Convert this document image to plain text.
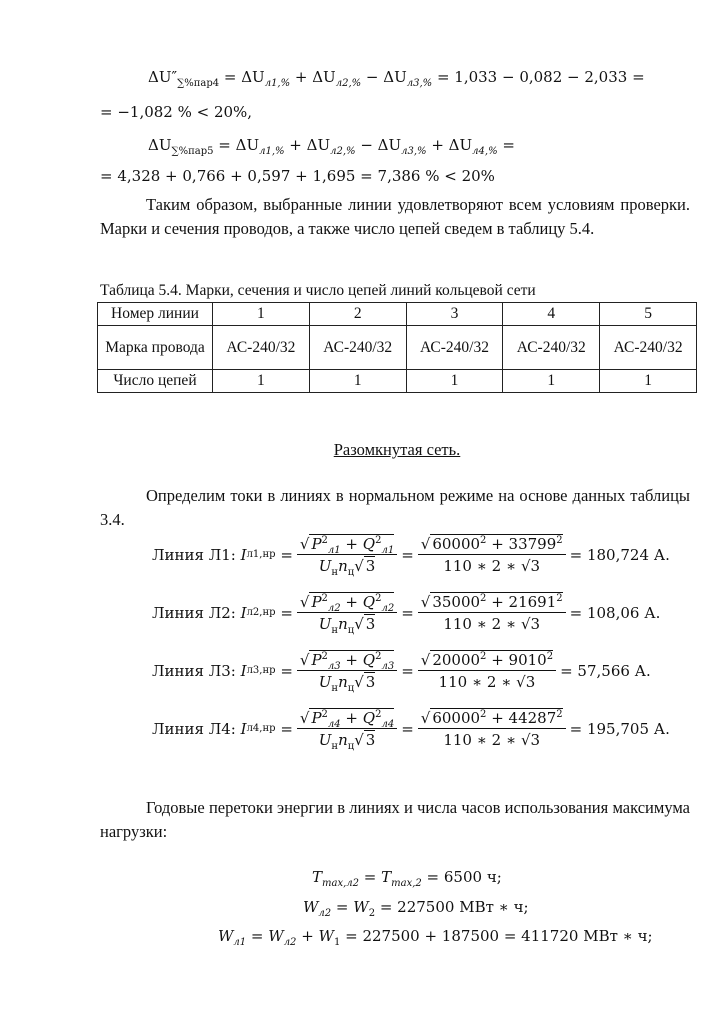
$\Delta U''_{\sum\%пар4} = \Delta U_{л1,\%} + \Delta U_{л2,\%} - \Delta U_{л3,\%} = 1,033 - 0,082 - 2,033$ =
= −1,082 % < 20%,
$\Delta U_{\sum\%пар5} = \Delta U_{л1,\%} + \Delta U_{л2,\%} - \Delta U_{л3,\%} + \Delta U_{л4,\%}$ =
= 4,328 + 0,766 + 0,597 + 1,695 = 7,386 % < 20%
Таким образом, выбранные линии удовлетворяют всем условиям проверки. Марки и сечения проводов, а также число цепей сведем в таблицу 5.4.
Таблица 5.4. Марки, сечения и число цепей линий кольцевой сети
Номер линии	1	2	3	4	5
Марка провода	АС-240/32	АС-240/32	АС-240/32	АС-240/32	АС-240/32
Число цепей	1	1	1	1	1
Разомкнутая сеть.
Определим токи в линиях в нормальном режиме на основе данных таблицы 3.4.
Линия Л1:
I $л1,нр = \frac{√ P^2_{л1} + Q^2_{л1}}{U_нn_ц√ 3} = \frac{√ 60000^2 + 33799^2}{110 ∗ 2 ∗ √3} = 180,724$ А.
Линия Л2:
I $л2,нр = \frac{√ P^2_{л2} + Q^2_{л2}}{U_нn_ц√ 3} = \frac{√ 35000^2 + 21691^2}{110 ∗ 2 ∗ √3} = 108,06$ А.
Линия Л3:
I $л3,нр = \frac{√ P^2_{л3} + Q^2_{л3}}{U_нn_ц√ 3} = \frac{√ 20000^2 + 9010^2}{110 ∗ 2 ∗ √3} = 57,566$ А.
Линия Л4:
I $л4,нр = \frac{√ P^2_{л4} + Q^2_{л4}}{U_нn_ц√ 3} = \frac{√ 60000^2 + 44287^2}{110 ∗ 2 ∗ √3} = 195,705$ А.
Годовые перетоки энергии в линиях и числа часов использования максимума нагрузки:
$T_{max,л2} = T_{max,2} = 6500$ ч;
$W_{л2} = W_2 = 227500$ МВт ∗ ч;
$W_{л1} = W_{л2} + W_1 = 227500 + 187500 = 411720$ МВт ∗ ч;
